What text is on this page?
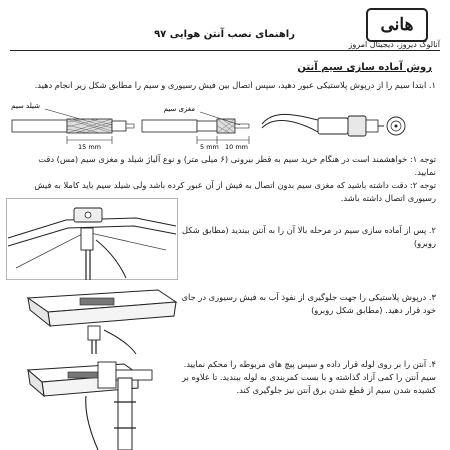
هانی
آنالوگ دیروز، دیجیتال امروز
راهنمای نصب آنتن هوایی ۹۷
روش آماده سازی سیم آنتن
۱. ابتدا سیم را از درپوش پلاستیکی عبور دهید، سپس اتصال بین فیش رسیوری و سیم را مطابق شکل زیر انجام دهید.
15 mm
شیلد سیم
5 mm 10 mm
مغزی سیم
توجه ۱: خواهشمند است در هنگام خرید سیم به قطر بیرونی (۶ میلی متر) و نوع آلیاژ شیلد و مغزی سیم (مس) دقت نمایید.
توجه ۲: دقت داشته باشید که مغزی سیم بدون اتصال به فیش از آن عبور کرده باشد ولی شیلد سیم باید کاملا به فیش رسیوری اتصال داشته باشد.
۲. پس از آماده سازی سیم در مرحله بالا آن را به آنتن ببندید (مطابق شکل روبرو)
۳. درپوش پلاستیکی را جهت جلوگیری از نفوذ آب به فیش رسیوری در جای خود قرار دهید. (مطابق شکل روبرو)
۴. آنتن را بر روی لوله قرار داده و سپس پیچ های مربوطه را محکم نمایید. سیم آنتن را کمی آزاد گذاشته و با بست کمربندی به لوله ببندید. تا علاوه بر کشیده شدن سیم از قطع شدن برق آنتن نیز جلوگیری کند.
